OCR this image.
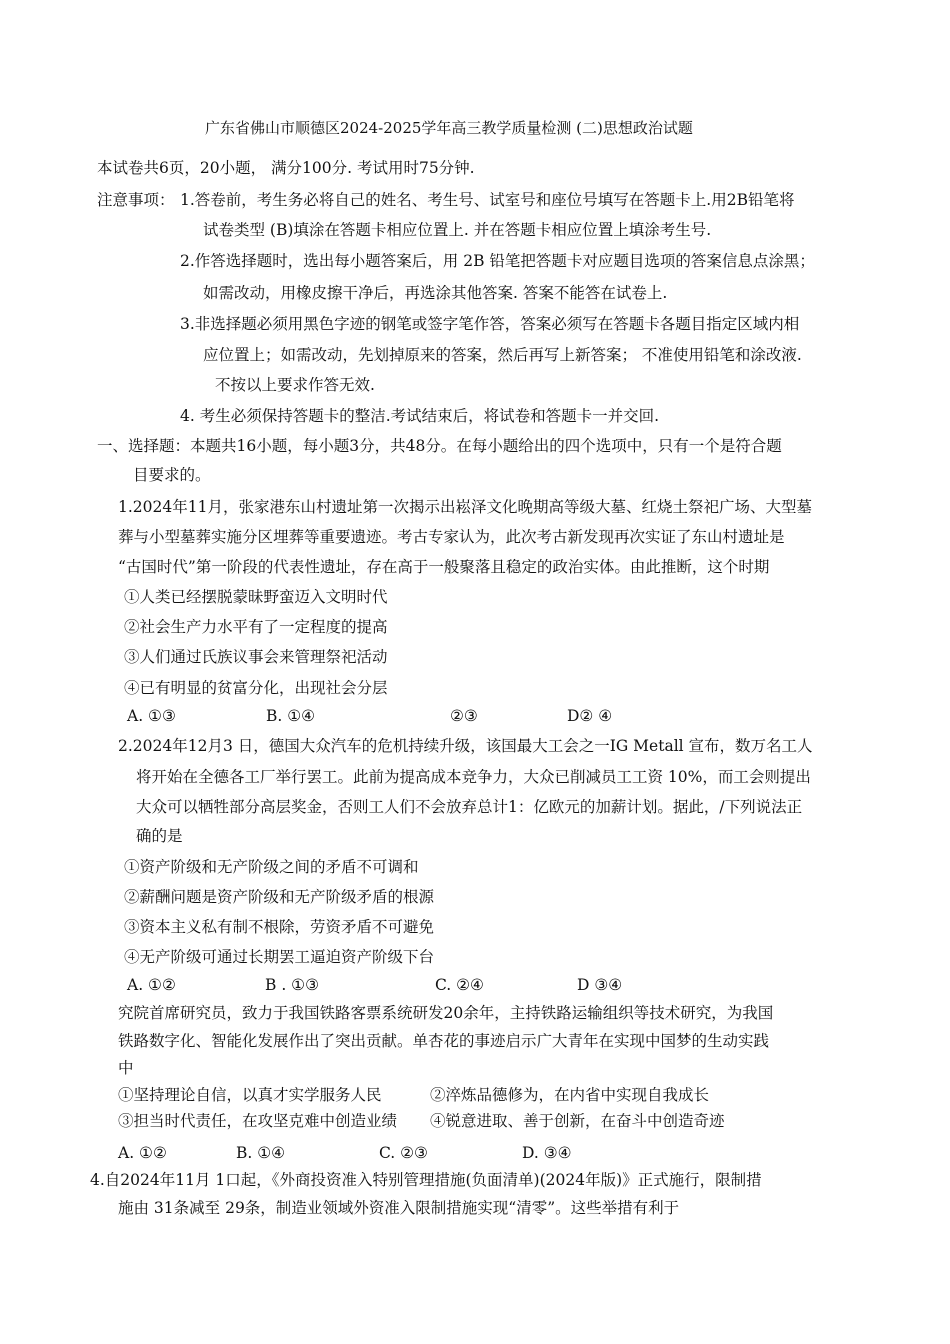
广东省佛山市顺德区2024-2025学年高三教学质量检测 (二)思想政治试题
本试卷共6页，20小题， 满分100分. 考试用时75分钟.
注意事项： 1.答卷前，考生务必将自己的姓名、考生号、试室号和座位号填写在答题卡上.用2B铅笔将
试卷类型 (B)填涂在答题卡相应位置上. 并在答题卡相应位置上填涂考生号.
2.作答选择题时，选出每小题答案后，用 2B 铅笔把答题卡对应题目选项的答案信息点涂黑；
如需改动，用橡皮擦干净后，再选涂其他答案. 答案不能答在试卷上.
3.非选择题必须用黑色字迹的钢笔或签字笔作答，答案必须写在答题卡各题目指定区域内相
应位置上；如需改动，先划掉原来的答案，然后再写上新答案； 不准使用铅笔和涂改液.
不按以上要求作答无效.
4. 考生必须保持答题卡的整洁.考试结束后，将试卷和答题卡一并交回.
一、选择题：本题共16小题，每小题3分，共48分。在每小题给出的四个选项中，只有一个是符合题
目要求的。
1.2024年11月，张家港东山村遗址第一次揭示出崧泽文化晚期高等级大墓、红烧土祭祀广场、大型墓
葬与小型墓葬实施分区埋葬等重要遗迹。考古专家认为，此次考古新发现再次实证了东山村遗址是
“古国时代”第一阶段的代表性遗址，存在高于一般聚落且稳定的政治实体。由此推断，这个时期
①人类已经摆脱蒙昧野蛮迈入文明时代
②社会生产力水平有了一定程度的提高
③人们通过氏族议事会来管理祭祀活动
④已有明显的贫富分化，出现社会分层
A. ①③	B. ①④	②③	D② ④
2.2024年12月3 日，德国大众汽车的危机持续升级，该国最大工会之一IG Metall 宣布，数万名工人
将开始在全德各工厂举行罢工。此前为提高成本竞争力，大众已削减员工工资 10%，而工会则提出
大众可以牺牲部分高层奖金，否则工人们不会放弃总计1：亿欧元的加薪计划。据此，/下列说法正
确的是
①资产阶级和无产阶级之间的矛盾不可调和
②薪酬问题是资产阶级和无产阶级矛盾的根源
③资本主义私有制不根除，劳资矛盾不可避免
④无产阶级可通过长期罢工逼迫资产阶级下台
A. ①②	B . ①③	C. ②④	D ③④
究院首席研究员，致力于我国铁路客票系统研发20余年，主持铁路运输组织等技术研究，为我国
铁路数字化、智能化发展作出了突出贡献。单杏花的事迹启示广大青年在实现中国梦的生动实践
中
①坚持理论自信，以真才实学服务人民	②淬炼品德修为，在内省中实现自我成长
③担当时代责任，在攻坚克难中创造业绩 ④锐意进取、善于创新，在奋斗中创造奇迹
A. ①②	B. ①④	C. ②③	D. ③④
4.自2024年11月 1口起，《外商投资准入特别管理措施(负面清单)(2024年版)》正式施行，限制措
施由 31条减至 29条，制造业领域外资准入限制措施实现“清零”。这些举措有利于
